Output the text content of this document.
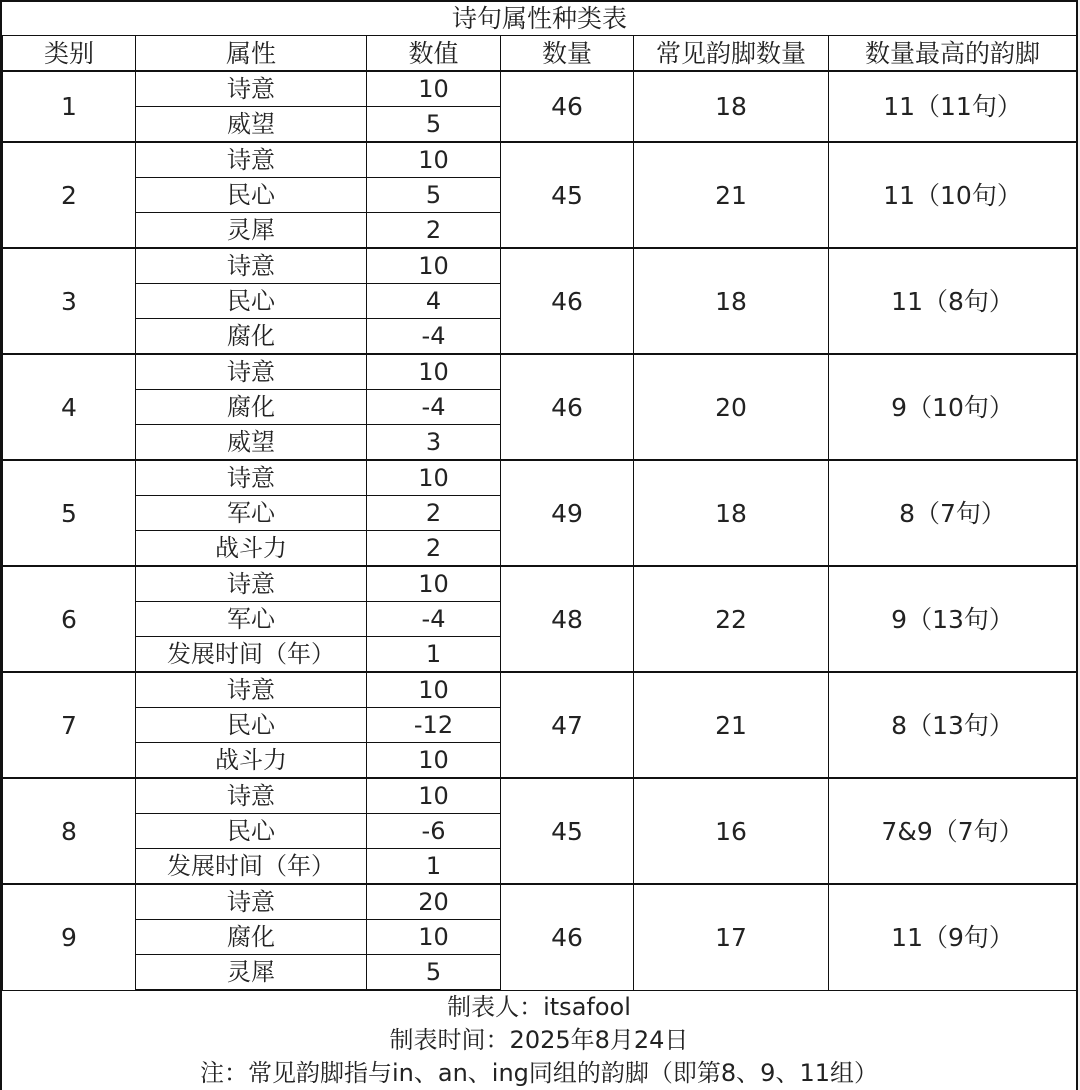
诗句属性种类表					
类别	属性	数值	数量	常见韵脚数量	数量最高的韵脚
1	诗意	10	46	18	11（11句）
	威望	5			
2	诗意	10	45	21	11（10句）
	民心	5			
	灵犀	2			
3	诗意	10	46	18	11（8句）
	民心	4			
	腐化	-4			
4	诗意	10	46	20	9（10句）
	腐化	-4			
	威望	3			
5	诗意	10	49	18	8（7句）
	军心	2			
	战斗力	2			
6	诗意	10	48	22	9（13句）
	军心	-4			
	发展时间（年）	1			
7	诗意	10	47	21	8（13句）
	民心	-12			
	战斗力	10			
8	诗意	10	45	16	7&9（7句）
	民心	-6			
	发展时间（年）	1			
9	诗意	20	46	17	11（9句）
	腐化	10			
	灵犀	5			
制表人：itsafool
制表时间：2025年8月24日
注：常见韵脚指与in、an、ing同组的韵脚（即第8、9、11组）
